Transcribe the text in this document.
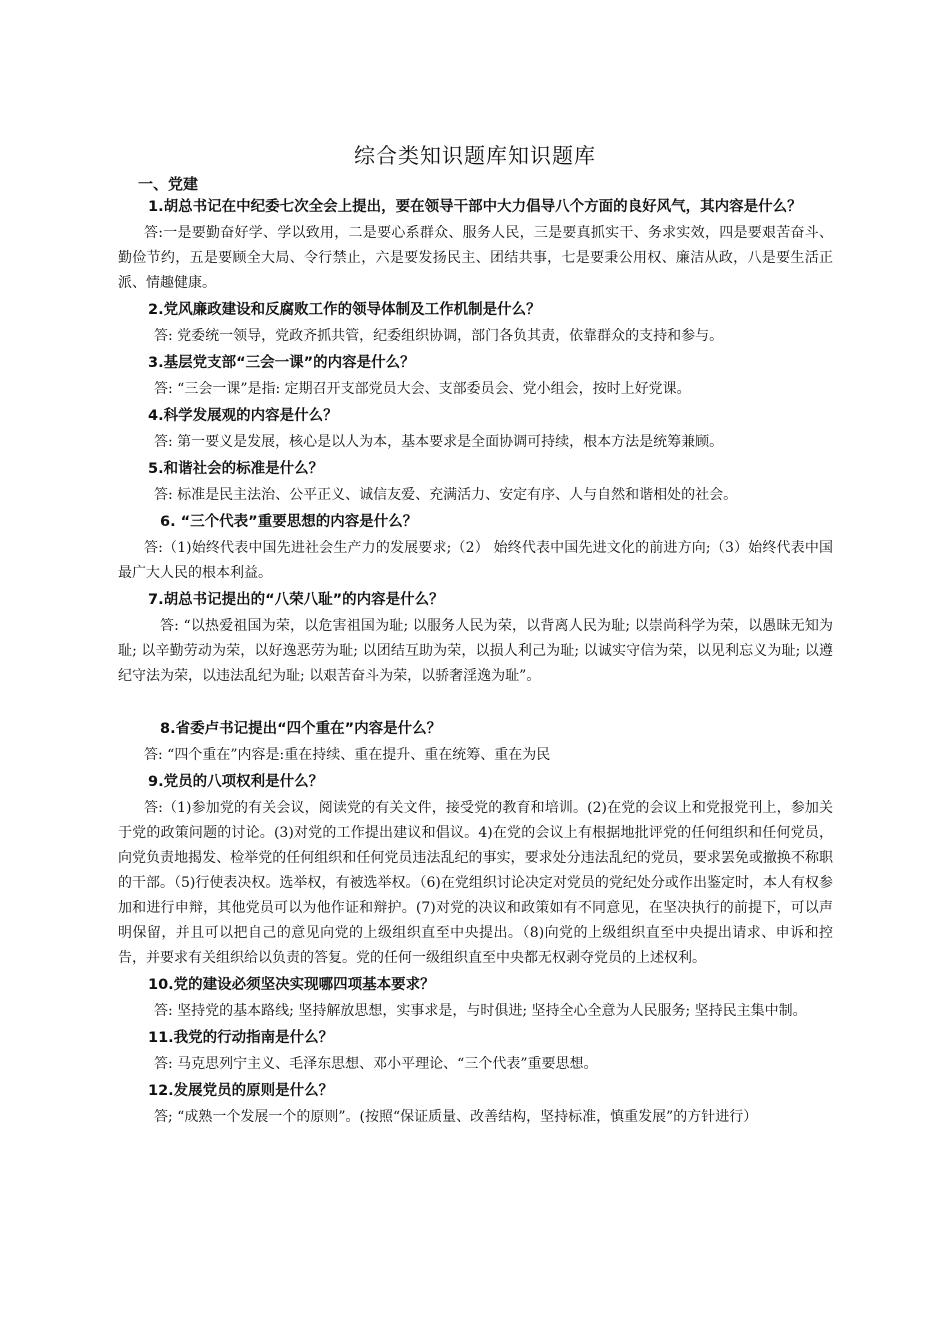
综合类知识题库知识题库
一、党建

1.胡总书记在中纪委七次全会上提出，要在领导干部中大力倡导八个方面的良好风气，其内容是什么？

答:一是要勤奋好学、学以致用，二是要心系群众、服务人民，三是要真抓实干、务求实效，四是要艰苦奋斗、勤俭节约，五是要顾全大局、令行禁止，六是要发扬民主、团结共事，七是要秉公用权、廉洁从政，八是要生活正派、情趣健康。

2.党风廉政建设和反腐败工作的领导体制及工作机制是什么？

答: 党委统一领导，党政齐抓共管，纪委组织协调，部门各负其责，依靠群众的支持和参与。

3.基层党支部“三会一课”的内容是什么？

答: “三会一课”是指: 定期召开支部党员大会、支部委员会、党小组会，按时上好党课。

4.科学发展观的内容是什么？

答: 第一要义是发展，核心是以人为本，基本要求是全面协调可持续，根本方法是统筹兼顾。

5.和谐社会的标准是什么？

答: 标准是民主法治、公平正义、诚信友爱、充满活力、安定有序、人与自然和谐相处的社会。

6. “三个代表”重要思想的内容是什么？

答:（1)始终代表中国先进社会生产力的发展要求;（2） 始终代表中国先进文化的前进方向;（3）始终代表中国最广大人民的根本利益。

7.胡总书记提出的“八荣八耻”的内容是什么？

答: “以热爱祖国为荣，以危害祖国为耻; 以服务人民为荣，以背离人民为耻; 以崇尚科学为荣，以愚昧无知为耻; 以辛勤劳动为荣，以好逸恶劳为耻; 以团结互助为荣，以损人利己为耻; 以诚实守信为荣，以见利忘义为耻; 以遵纪守法为荣，以违法乱纪为耻; 以艰苦奋斗为荣，以骄奢淫逸为耻”。

8.省委卢书记提出“四个重在”内容是什么？

答: “四个重在”内容是:重在持续、重在提升、重在统筹、重在为民

9.党员的八项权利是什么？

答:（1)参加党的有关会议，阅读党的有关文件，接受党的教育和培训。(2)在党的会议上和党报党刊上，参加关于党的政策问题的讨论。(3)对党的工作提出建议和倡议。4)在党的会议上有根据地批评党的任何组织和任何党员， 向党负责地揭发、检举党的任何组织和任何党员违法乱纪的事实，要求处分违法乱纪的党员，要求罢免或撤换不称职的干部。（5)行使表决权。选举权，有被选举权。（6)在党组织讨论决定对党员的党纪处分或作出鉴定时，本人有权参加和进行申辩，其他党员可以为他作证和辩护。(7)对党的决议和政策如有不同意见，在坚决执行的前提下，可以声明保留，并且可以把自己的意见向党的上级组织直至中央提出。（8)向党的上级组织直至中央提出请求、申诉和控告，并要求有关组织给以负责的答复。党的任何一级组织直至中央都无权剥夺党员的上述权利。

10.党的建设必须坚决实现哪四项基本要求？

答: 坚持党的基本路线; 坚持解放思想，实事求是，与时俱进; 坚持全心全意为人民服务; 坚持民主集中制。

11.我党的行动指南是什么？

答: 马克思列宁主义、毛泽东思想、邓小平理论、“三个代表”重要思想。

12.发展党员的原则是什么？

答; “成熟一个发展一个的原则”。(按照“保证质量、改善结构，坚持标准，慎重发展”的方针进行）
